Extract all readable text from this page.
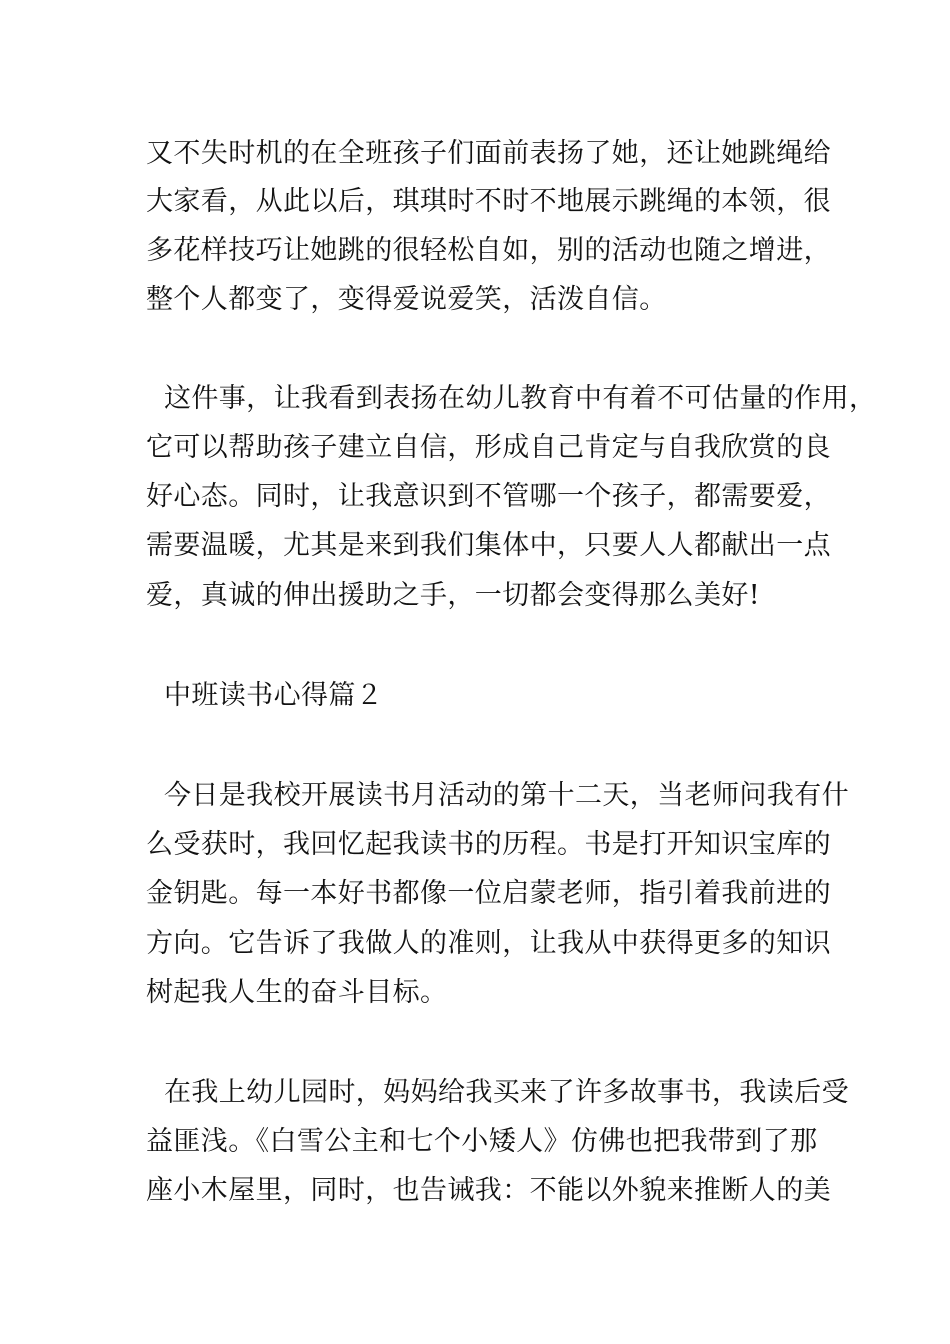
又不失时机的在全班孩子们面前表扬了她，还让她跳绳给
大家看，从此以后，琪琪时不时不地展示跳绳的本领，很
多花样技巧让她跳的很轻松自如，别的活动也随之增进，
整个人都变了，变得爱说爱笑，活泼自信。
这件事，让我看到表扬在幼儿教育中有着不可估量的作用，
它可以帮助孩子建立自信，形成自己肯定与自我欣赏的良
好心态。同时，让我意识到不管哪一个孩子，都需要爱，
需要温暖，尤其是来到我们集体中，只要人人都献出一点
爱，真诚的伸出援助之手，一切都会变得那么美好!
中班读书心得篇２
今日是我校开展读书月活动的第十二天，当老师问我有什
么受获时，我回忆起我读书的历程。书是打开知识宝库的
金钥匙。每一本好书都像一位启蒙老师，指引着我前进的
方向。它告诉了我做人的准则，让我从中获得更多的知识
树起我人生的奋斗目标。
在我上幼儿园时，妈妈给我买来了许多故事书，我读后受
益匪浅。《白雪公主和七个小矮人》仿佛也把我带到了那
座小木屋里，同时，也告诫我：不能以外貌来推断人的美
